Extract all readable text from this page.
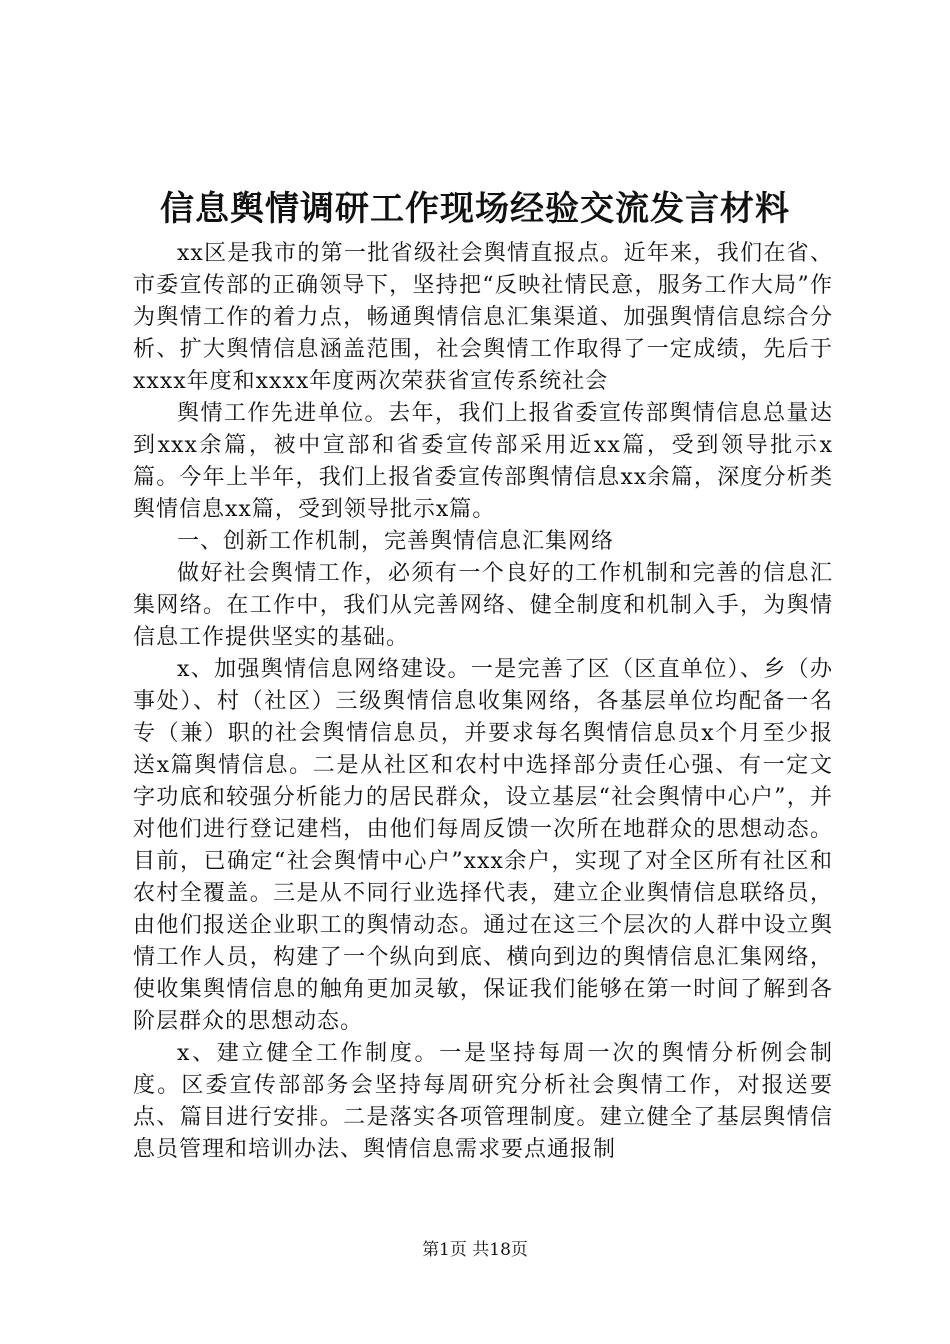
信息舆情调研工作现场经验交流发言材料

xx区是我市的第一批省级社会舆情直报点。近年来，我们在省、市委宣传部的正确领导下，坚持把“反映社情民意，服务工作大局”作为舆情工作的着力点，畅通舆情信息汇集渠道、加强舆情信息综合分析、扩大舆情信息涵盖范围，社会舆情工作取得了一定成绩，先后于xxxx年度和xxxx年度两次荣获省宣传系统社会

舆情工作先进单位。去年，我们上报省委宣传部舆情信息总量达到xxx余篇，被中宣部和省委宣传部采用近xx篇，受到领导批示x篇。今年上半年，我们上报省委宣传部舆情信息xx余篇，深度分析类舆情信息xx篇，受到领导批示x篇。

一、创新工作机制，完善舆情信息汇集网络

做好社会舆情工作，必须有一个良好的工作机制和完善的信息汇集网络。在工作中，我们从完善网络、健全制度和机制入手，为舆情信息工作提供坚实的基础。

x、加强舆情信息网络建设。一是完善了区（区直单位）、乡（办事处）、村（社区）三级舆情信息收集网络，各基层单位均配备一名专（兼）职的社会舆情信息员，并要求每名舆情信息员x个月至少报送x篇舆情信息。二是从社区和农村中选择部分责任心强、有一定文字功底和较强分析能力的居民群众，设立基层“社会舆情中心户”，并对他们进行登记建档，由他们每周反馈一次所在地群众的思想动态。目前，已确定“社会舆情中心户”xxx余户，实现了对全区所有社区和农村全覆盖。三是从不同行业选择代表，建立企业舆情信息联络员，由他们报送企业职工的舆情动态。通过在这三个层次的人群中设立舆情工作人员，构建了一个纵向到底、横向到边的舆情信息汇集网络，使收集舆情信息的触角更加灵敏，保证我们能够在第一时间了解到各阶层群众的思想动态。

x、建立健全工作制度。一是坚持每周一次的舆情分析例会制度。区委宣传部部务会坚持每周研究分析社会舆情工作，对报送要点、篇目进行安排。二是落实各项管理制度。建立健全了基层舆情信息员管理和培训办法、舆情信息需求要点通报制

第1页 共18页
